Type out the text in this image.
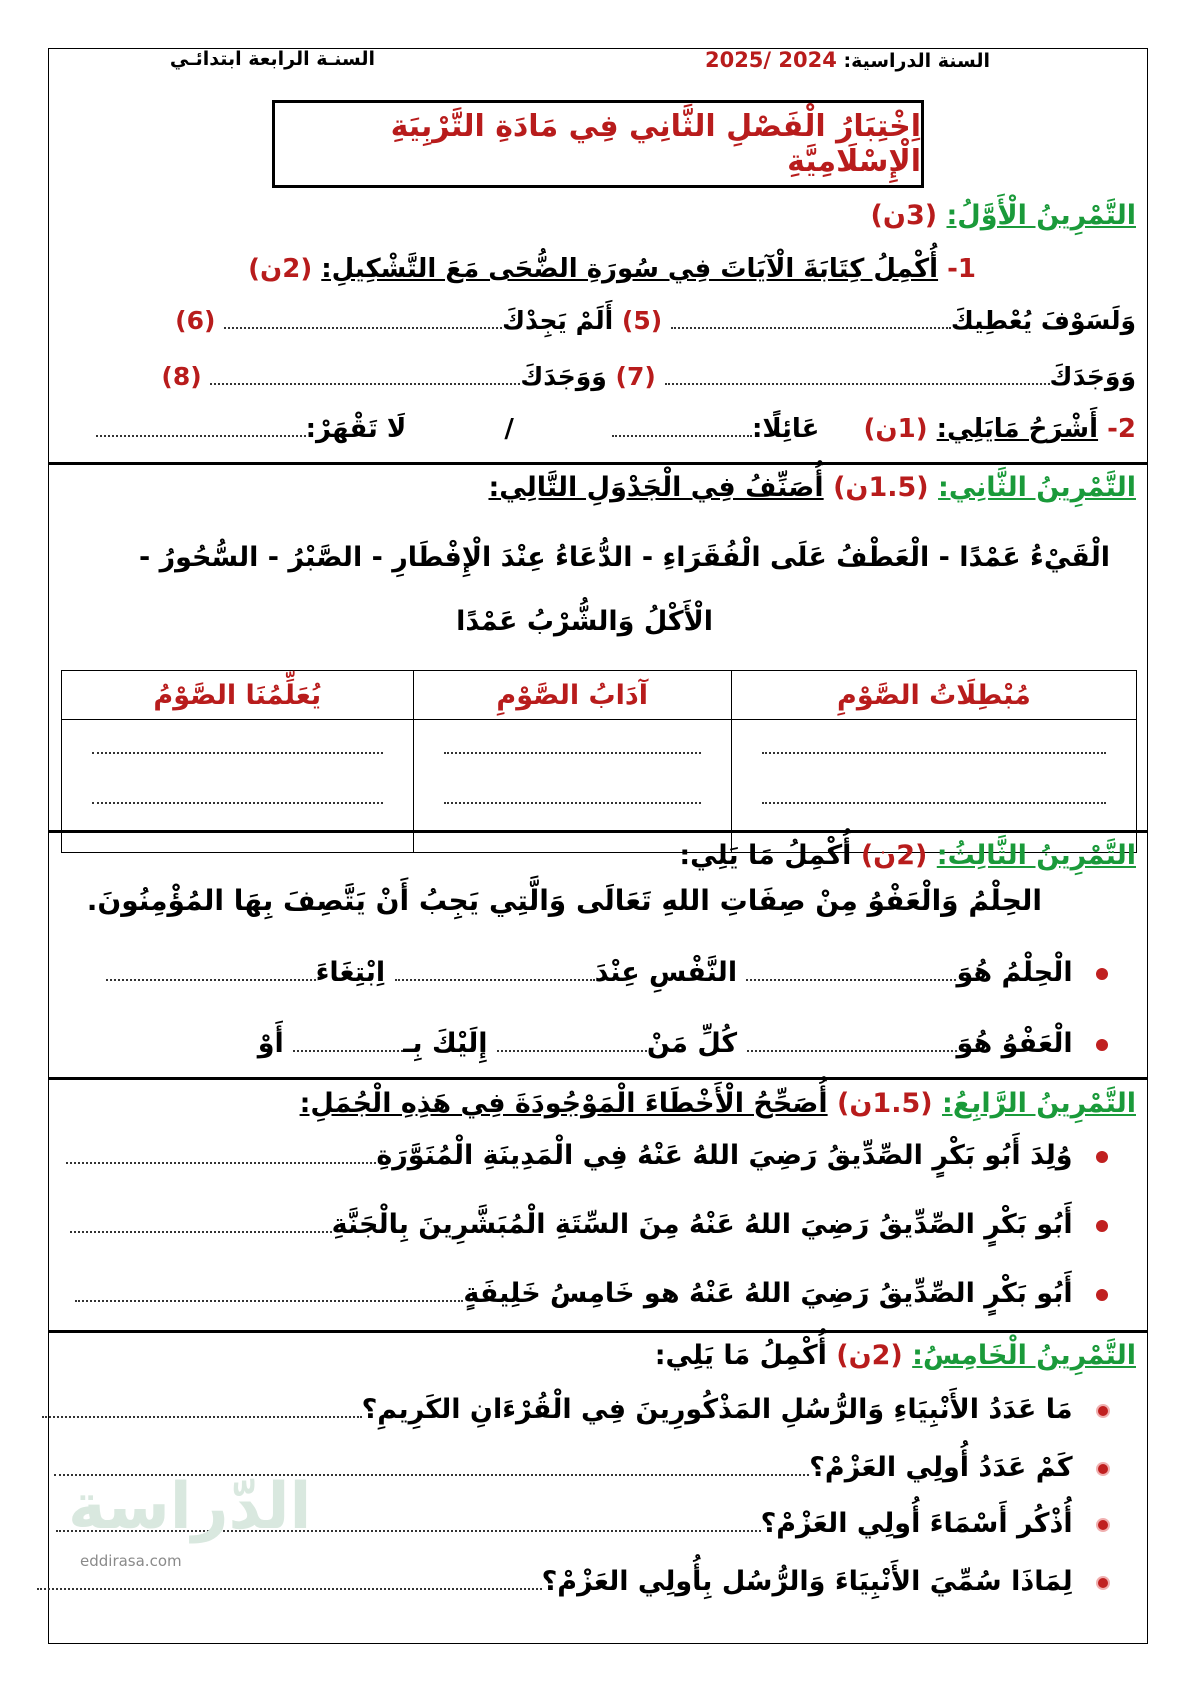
السنة الدراسية: 2024 /2025
السنـة الرابعة ابتدائـي
اِخْتِبَارُ الْفَصْلِ الثَّانِي فِي مَادَةِ التَّرْبِيَةِ الْإِسْلَامِيَّةِ
التَّمْرِينُ الْأَوَّلُ: (3ن)
1- أُكْمِلُ كِتَابَةَ الْآيَاتَ فِي سُورَةِ الضُّحَى مَعَ التَّشْكِيلِ: (2ن)
وَلَسَوْفَ يُعْطِيكَ (5) أَلَمْ يَجِدْكَ (6)
وَوَجَدَكَ (7) وَوَجَدَكَ (8)
2- أَشْرَحُ مَايَلِي: (1ن)  عَائِلًا:  /  لَا تَقْهَرْ:
التَّمْرِينُ الثَّانِي: (1.5ن) أُصَنِّفُ فِي الْجَدْوَلِ التَّالِي:
الْقَيْءُ عَمْدًا - الْعَطْفُ عَلَى الْفُقَرَاءِ - الدُّعَاءُ عِنْدَ الْإِفْطَارِ - الصَّبْرُ - السُّحُورُ -
الْأَكْلُ وَالشُّرْبُ عَمْدًا
مُبْطِلَاتُ الصَّوْمِ	آدَابُ الصَّوْمِ	يُعَلِّمُنَا الصَّوْمُ

التَّمْرِينُ الثَّالِثُ: (2ن) أُكْمِلُ مَا يَلِي:
الحِلْمُ وَالْعَفْوُ مِنْ صِفَاتِ اللهِ تَعَالَى وَالَّتِي يَجِبُ أَنْ يَتَّصِفَ بِهَا المُؤْمِنُونَ.
الْحِلْمُ هُوَ النَّفْسِ عِنْدَ اِبْتِغَاءَ
الْعَفْوُ هُوَ كُلِّ مَنْ إِلَيْكَ بِـ أَوْ
التَّمْرِينُ الرَّابِعُ: (1.5ن) أُصَحِّحُ الْأَخْطَاءَ الْمَوْجُودَةَ فِي هَذِهِ الْجُمَلِ:
وُلِدَ أَبُو بَكْرٍ الصِّدِّيقُ رَضِيَ اللهُ عَنْهُ فِي الْمَدِينَةِ الْمُنَوَّرَةِ
أَبُو بَكْرٍ الصِّدِّيقُ رَضِيَ اللهُ عَنْهُ مِنَ السِّتَةِ الْمُبَشَّرِينَ بِالْجَنَّةِ
أَبُو بَكْرٍ الصِّدِّيقُ رَضِيَ اللهُ عَنْهُ هو خَامِسُ خَلِيفَةٍ
التَّمْرِينُ الْخَامِسُ: (2ن) أُكْمِلُ مَا يَلِي:
مَا عَدَدُ الأَنْبِيَاءِ وَالرُّسُلِ المَذْكُورِينَ فِي الْقُرْءَانِ الكَرِيمِ؟
كَمْ عَدَدُ أُولِي العَزْمْ؟
أُذْكُر أَسْمَاءَ أُولِي العَزْمْ؟
لِمَاذَا سُمِّيَ الأَنْبِيَاءَ وَالرُّسُل بِأُولِي العَزْمْ؟
الدّراسة
eddirasa.com
